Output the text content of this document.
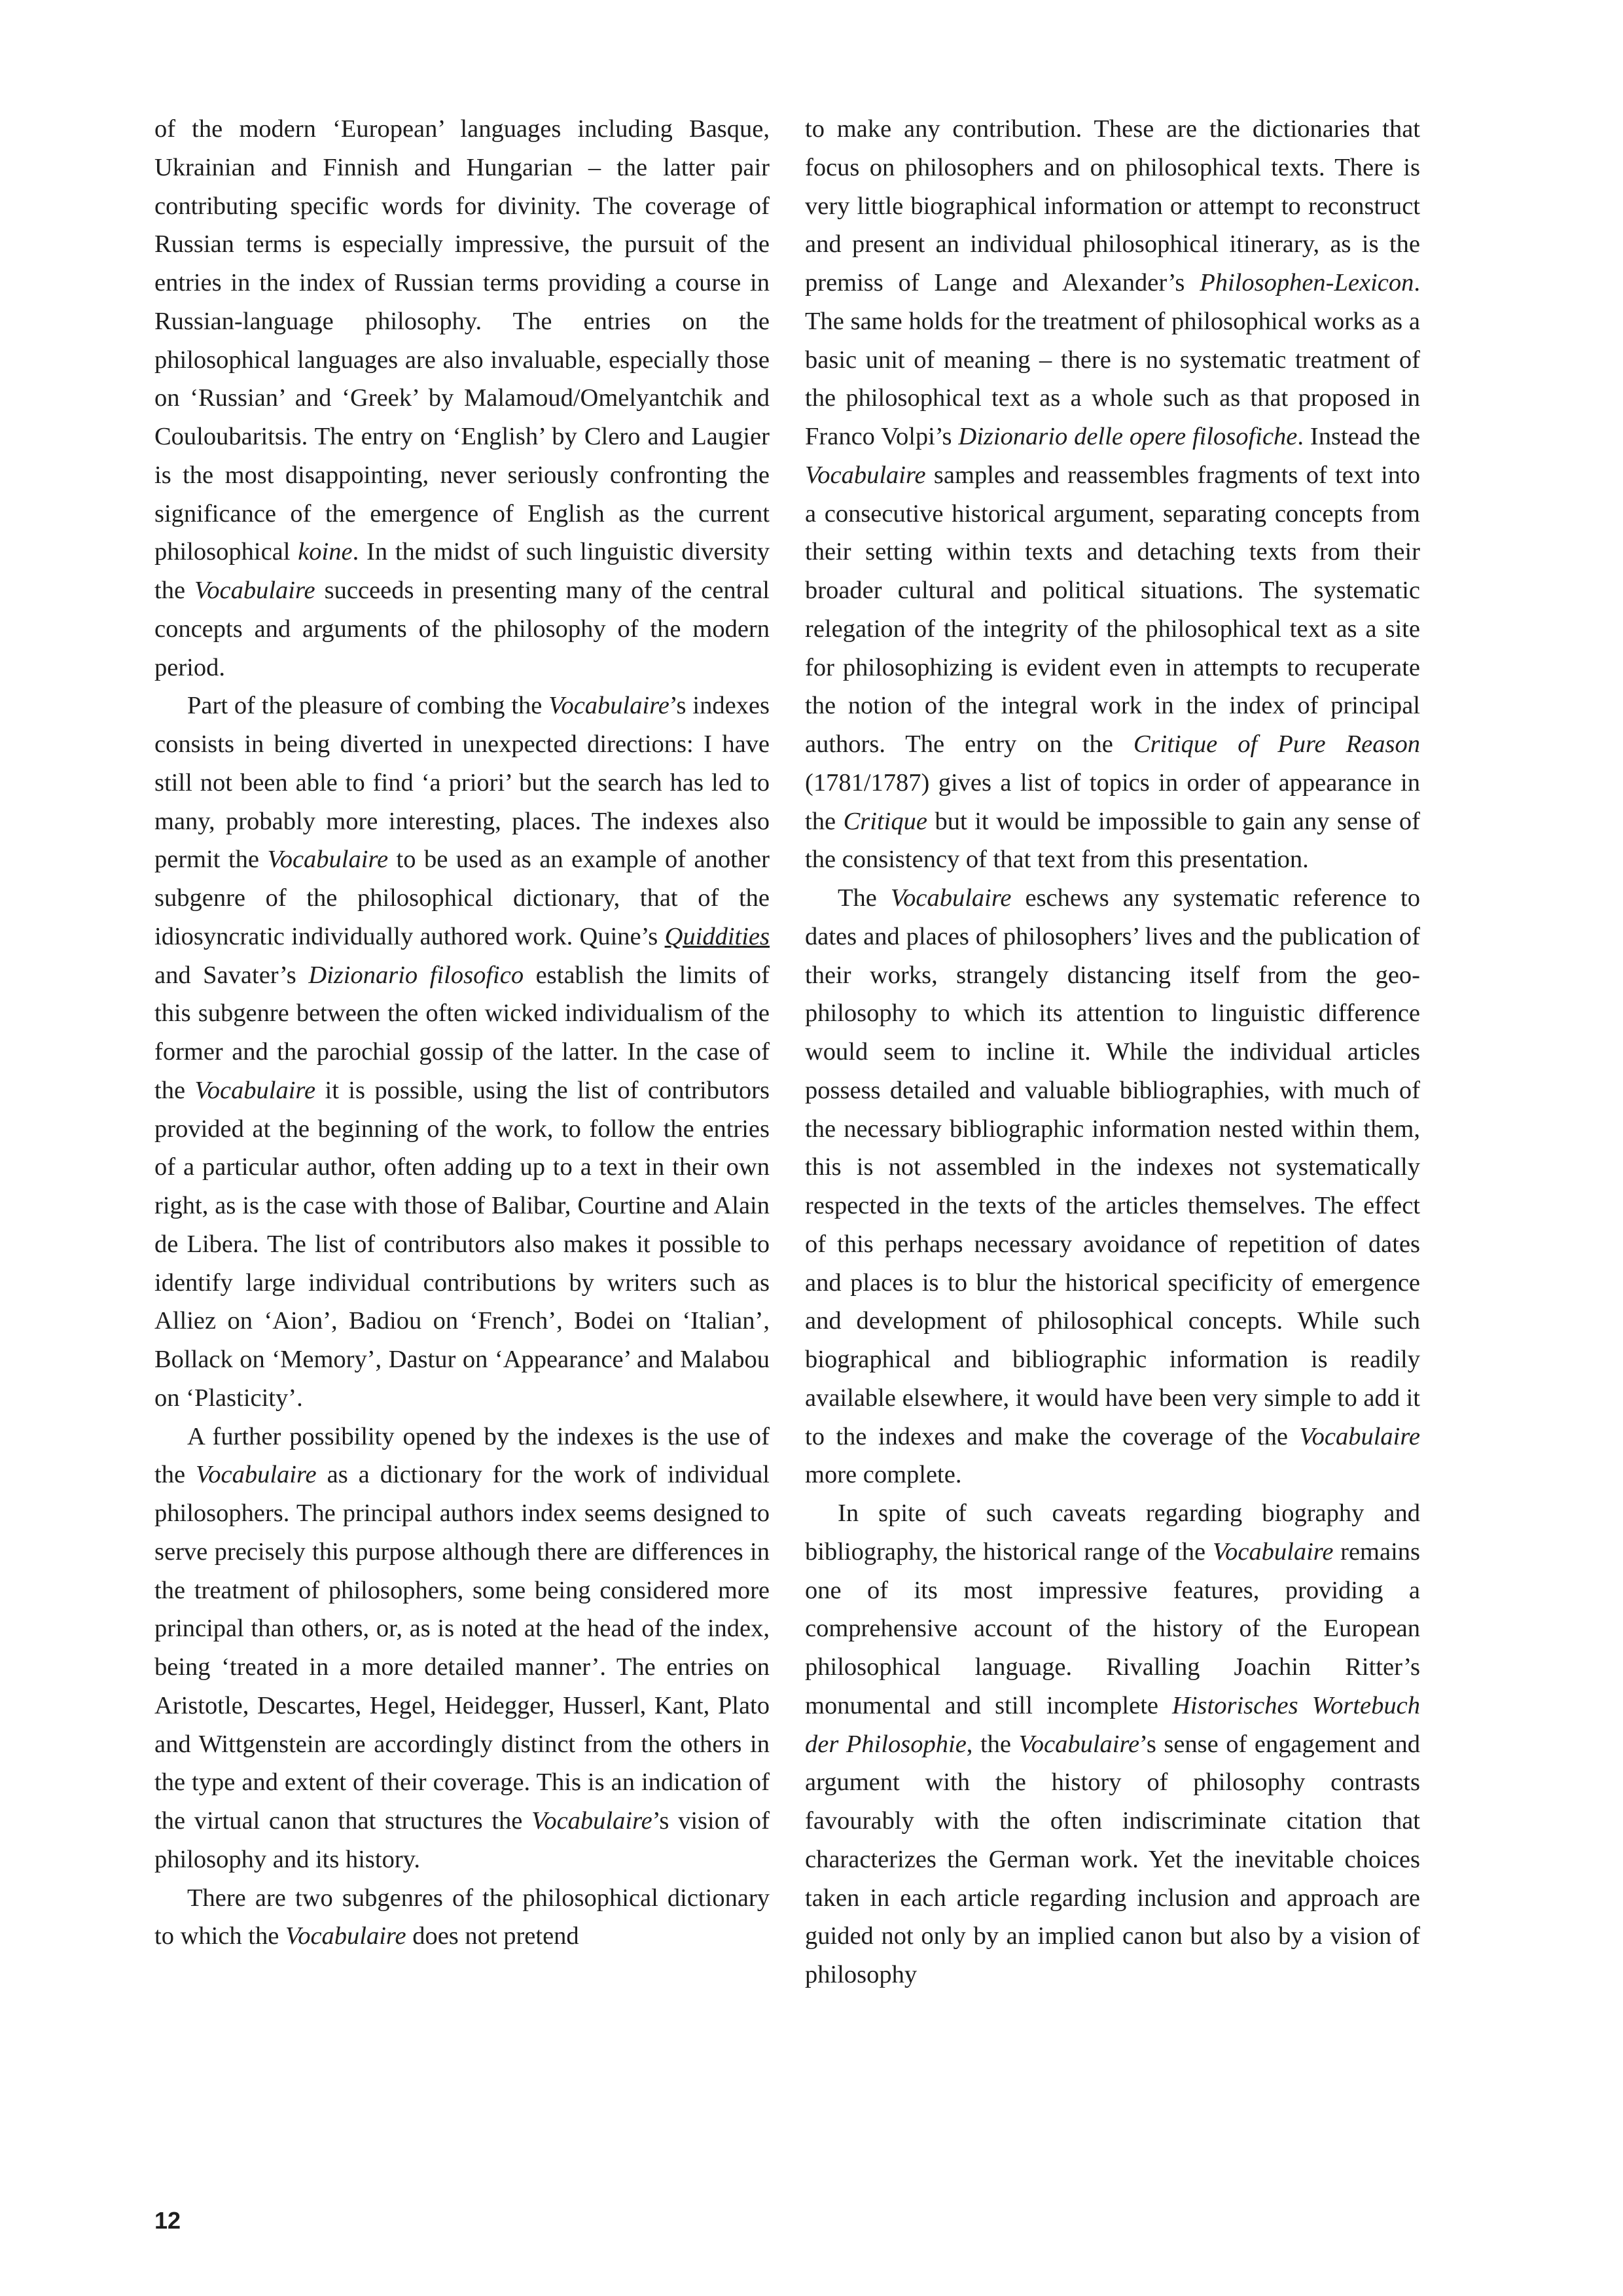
of the modern ‘European’ languages including Basque, Ukrainian and Finnish and Hungarian – the latter pair contributing specific words for divinity. The coverage of Russian terms is especially impressive, the pursuit of the entries in the index of Russian terms providing a course in Russian-language philosophy. The entries on the philosophical languages are also invaluable, especially those on ‘Russian’ and ‘Greek’ by Malamoud/Omelyantchik and Couloubaritsis. The entry on ‘English’ by Clero and Laugier is the most disappointing, never seriously confronting the significance of the emergence of English as the current philosophical koine. In the midst of such linguistic diversity the Vocabulaire succeeds in presenting many of the central concepts and arguments of the philosophy of the modern period.

Part of the pleasure of combing the Vocabulaire’s indexes consists in being diverted in unexpected directions: I have still not been able to find ‘a priori’ but the search has led to many, probably more interesting, places. The indexes also permit the Vocabulaire to be used as an example of another subgenre of the philosophical dictionary, that of the idiosyncratic individually authored work. Quine’s Quiddities and Savater’s Dizionario filosofico establish the limits of this subgenre between the often wicked individualism of the former and the parochial gossip of the latter. In the case of the Vocabulaire it is possible, using the list of contributors provided at the beginning of the work, to follow the entries of a particular author, often adding up to a text in their own right, as is the case with those of Balibar, Courtine and Alain de Libera. The list of contributors also makes it possible to identify large individual contributions by writers such as Alliez on ‘Aion’, Badiou on ‘French’, Bodei on ‘Italian’, Bollack on ‘Memory’, Dastur on ‘Appearance’ and Malabou on ‘Plasticity’.

A further possibility opened by the indexes is the use of the Vocabulaire as a dictionary for the work of individual philosophers. The principal authors index seems designed to serve precisely this purpose although there are differences in the treatment of philosophers, some being considered more principal than others, or, as is noted at the head of the index, being ‘treated in a more detailed manner’. The entries on Aristotle, Descartes, Hegel, Heidegger, Husserl, Kant, Plato and Wittgenstein are accordingly distinct from the others in the type and extent of their coverage. This is an indication of the virtual canon that structures the Vocabulaire’s vision of philosophy and its history.

There are two subgenres of the philosophical dictionary to which the Vocabulaire does not pretend

to make any contribution. These are the dictionaries that focus on philosophers and on philosophical texts. There is very little biographical information or attempt to reconstruct and present an individual philosophical itinerary, as is the premiss of Lange and Alexander’s Philosophen-Lexicon. The same holds for the treatment of philosophical works as a basic unit of meaning – there is no systematic treatment of the philosophical text as a whole such as that proposed in Franco Volpi’s Dizionario delle opere filosofiche. Instead the Vocabulaire samples and reassembles fragments of text into a consecutive historical argument, separating concepts from their setting within texts and detaching texts from their broader cultural and political situations. The systematic relegation of the integrity of the philosophical text as a site for philosophizing is evident even in attempts to recuperate the notion of the integral work in the index of principal authors. The entry on the Critique of Pure Reason (1781/1787) gives a list of topics in order of appearance in the Critique but it would be impossible to gain any sense of the consistency of that text from this presentation.

The Vocabulaire eschews any systematic reference to dates and places of philosophers’ lives and the publication of their works, strangely distancing itself from the geo-philosophy to which its attention to linguistic difference would seem to incline it. While the individual articles possess detailed and valuable bibliographies, with much of the necessary bibliographic information nested within them, this is not assembled in the indexes not systematically respected in the texts of the articles themselves. The effect of this perhaps necessary avoidance of repetition of dates and places is to blur the historical specificity of emergence and development of philosophical concepts. While such biographical and bibliographic information is readily available elsewhere, it would have been very simple to add it to the indexes and make the coverage of the Vocabulaire more complete.

In spite of such caveats regarding biography and bibliography, the historical range of the Vocabulaire remains one of its most impressive features, providing a comprehensive account of the history of the European philosophical language. Rivalling Joachin Ritter’s monumental and still incomplete Historisches Wortebuch der Philosophie, the Vocabulaire’s sense of engagement and argument with the history of philosophy contrasts favourably with the often indiscriminate citation that characterizes the German work. Yet the inevitable choices taken in each article regarding inclusion and approach are guided not only by an implied canon but also by a vision of philosophy

12
